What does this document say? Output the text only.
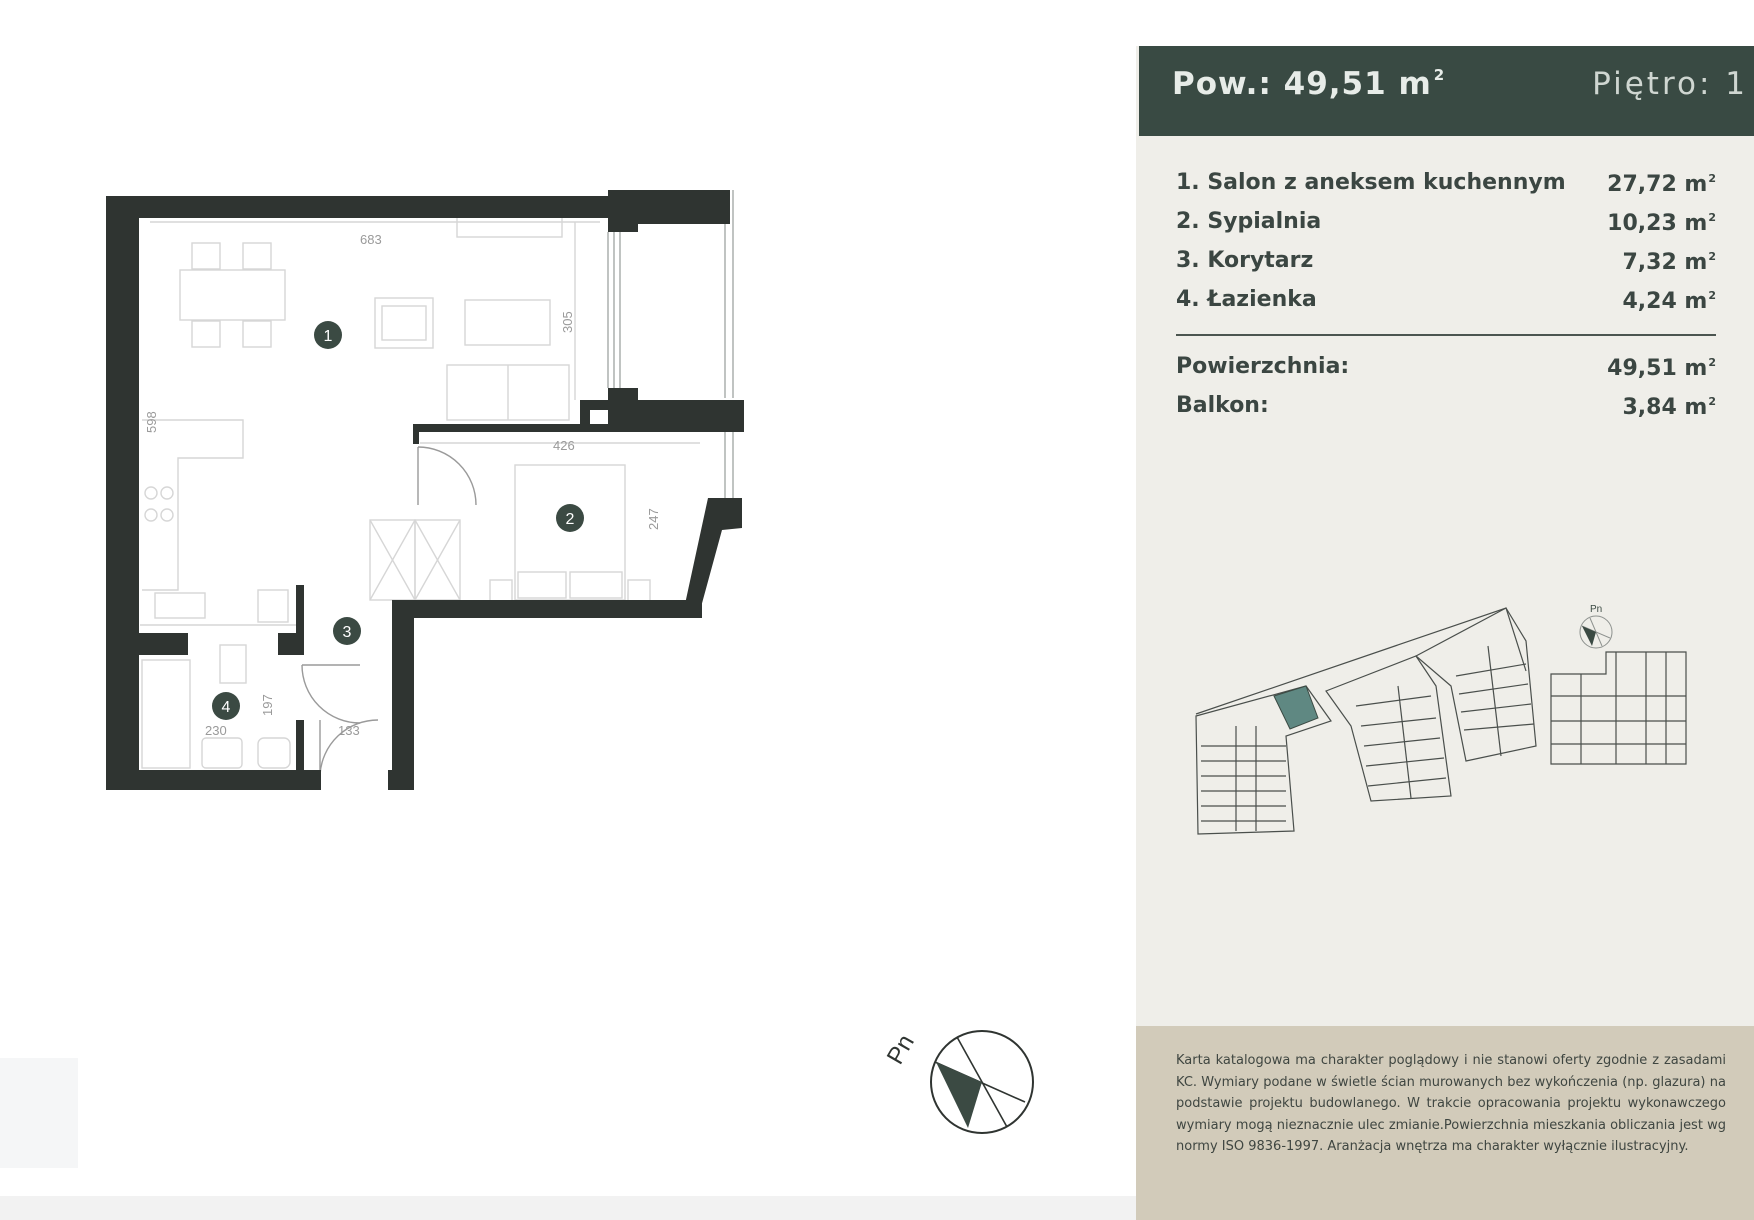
683
305
598
426
247
197
230	133
1
2
3
4
Pn
Pow.: 49,51 m $^2$	Piętro: 1
1. Salon z aneksem kuchennym 27,72 $m^2$
2. Sypialnia	10,23 $m^2$
3. Korytarz	7,32 $m^2$
4. Łazienka	4,24 $m^2$
Powierzchnia:	49,51 $m^2$
Balkon:	3,84 $m^2$
Pn
Karta katalogowa ma charakter poglądowy i nie stanowi oferty zgodnie z zasadami KC. Wymiary podane w świetle ścian murowanych bez wykończenia (np. glazura) na podstawie projektu budowlanego. W trakcie opracowania projektu wykonawczego wymiary mogą nieznacznie ulec zmianie.Powierzchnia mieszkania obliczania jest wg normy ISO 9836-1997. Aranżacja wnętrza ma charakter wyłącznie ilustracyjny.
